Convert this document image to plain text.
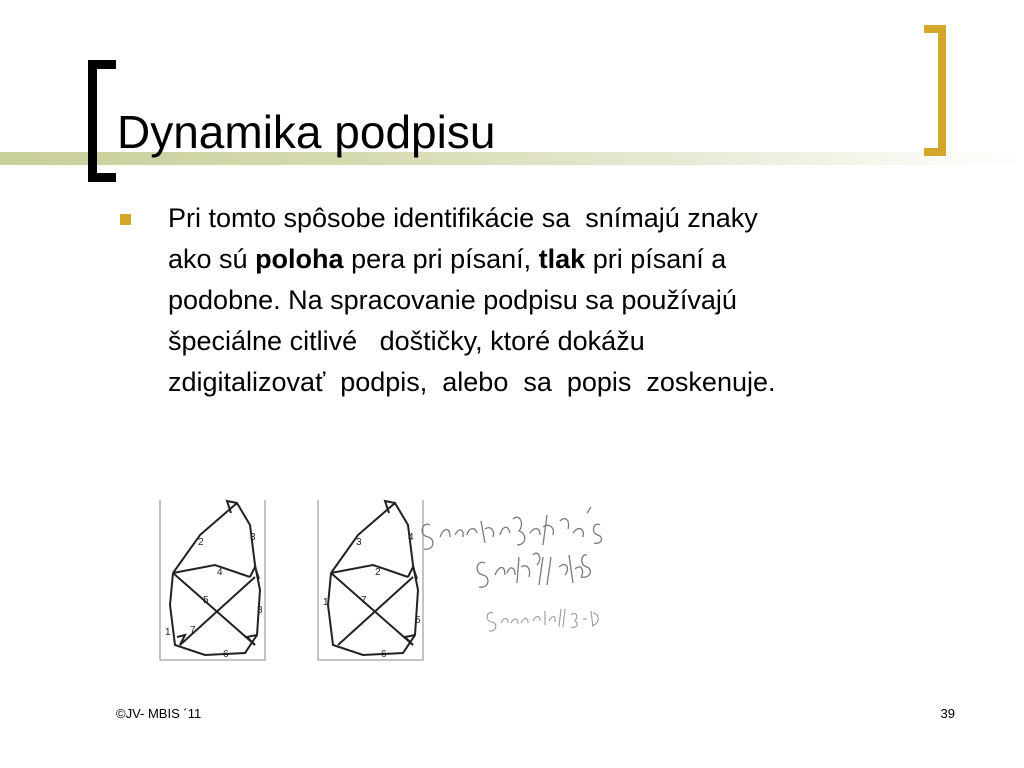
Dynamika podpisu
Pri tomto spôsobe identifikácie sa  snímajú znaky
ako sú poloha pera pri písaní, tlak pri písaní a
podobne. Na spracovanie podpisu sa používajú
špeciálne citlivé   doštičky, ktoré dokážu
zdigitalizovať  podpis,  alebo  sa  popis  zoskenuje.
2	3
4
5
1
6
7
8
3	4
2
7
1
6
5
©JV- MBIS ´11	39
